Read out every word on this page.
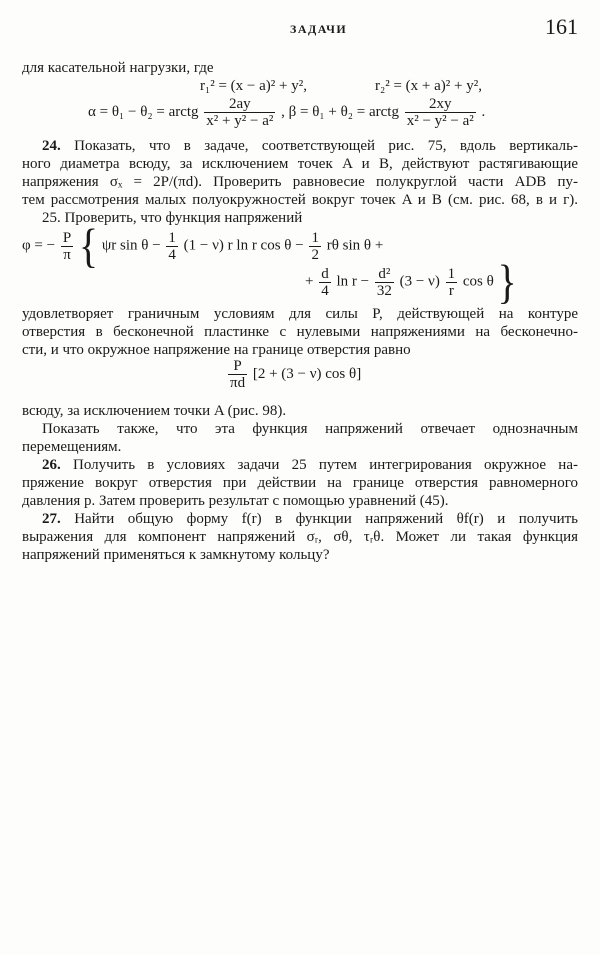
ЗАДАЧИ	161
для касательной нагрузки, где
r₁² = (x − a)² + y²,	r₂² = (x + a)² + y²,
α = θ₁ − θ₂ = arctg $\frac{2ay}{\text{x² + y² − a²}}$ , β = θ₁ + θ₂ = arctg $\frac{2xy}{\text{x² − y² − a²}}$ .
24. Показать, что в задаче, соответствующей рис. 75, вдоль вертикаль-
ного диаметра всюду, за исключением точек A и B, действуют растягивающие
напряжения σₓ = 2P/(πd). Проверить равновесие полукруглой части ADB пу-
тем рассмотрения малых полуокружностей вокруг точек A и B (см. рис. 68, в и г).
25. Проверить, что функция напряжений
φ = − $\frac{P}{\pi}$ { ψr $\sin \theta - \frac{1}{4} (1 - \nu)$ r ln r $\cos \theta - \frac{1}{2}$ rθ sin θ +
+ $\frac{d}{4}$ $\ln r - \frac{\text{d²}}{32} (3 - \nu) \frac{1}{r}$ cos θ }
удовлетворяет граничным условиям для силы P, действующей на контуре
отверстия в бесконечной пластинке с нулевыми напряжениями на бесконечно-
сти, и что окружное напряжение на границе отверстия равно
$\frac{P}{\pi d} [2 + (3 - \nu)$ cos θ]
всюду, за исключением точки A (рис. 98).
Показать также, что эта функция напряжений отвечает однозначным
перемещениям.
26. Получить в условиях задачи 25 путем интегрирования окружное на-
пряжение вокруг отверстия при действии на границе отверстия равномерного
давления p. Затем проверить результат с помощью уравнений (45).
27. Найти общую форму f(r) в функции напряжений θf(r) и получить
выражения для компонент напряжений σᵣ, σθ, τᵣθ. Может ли такая функция
напряжений применяться к замкнутому кольцу?
